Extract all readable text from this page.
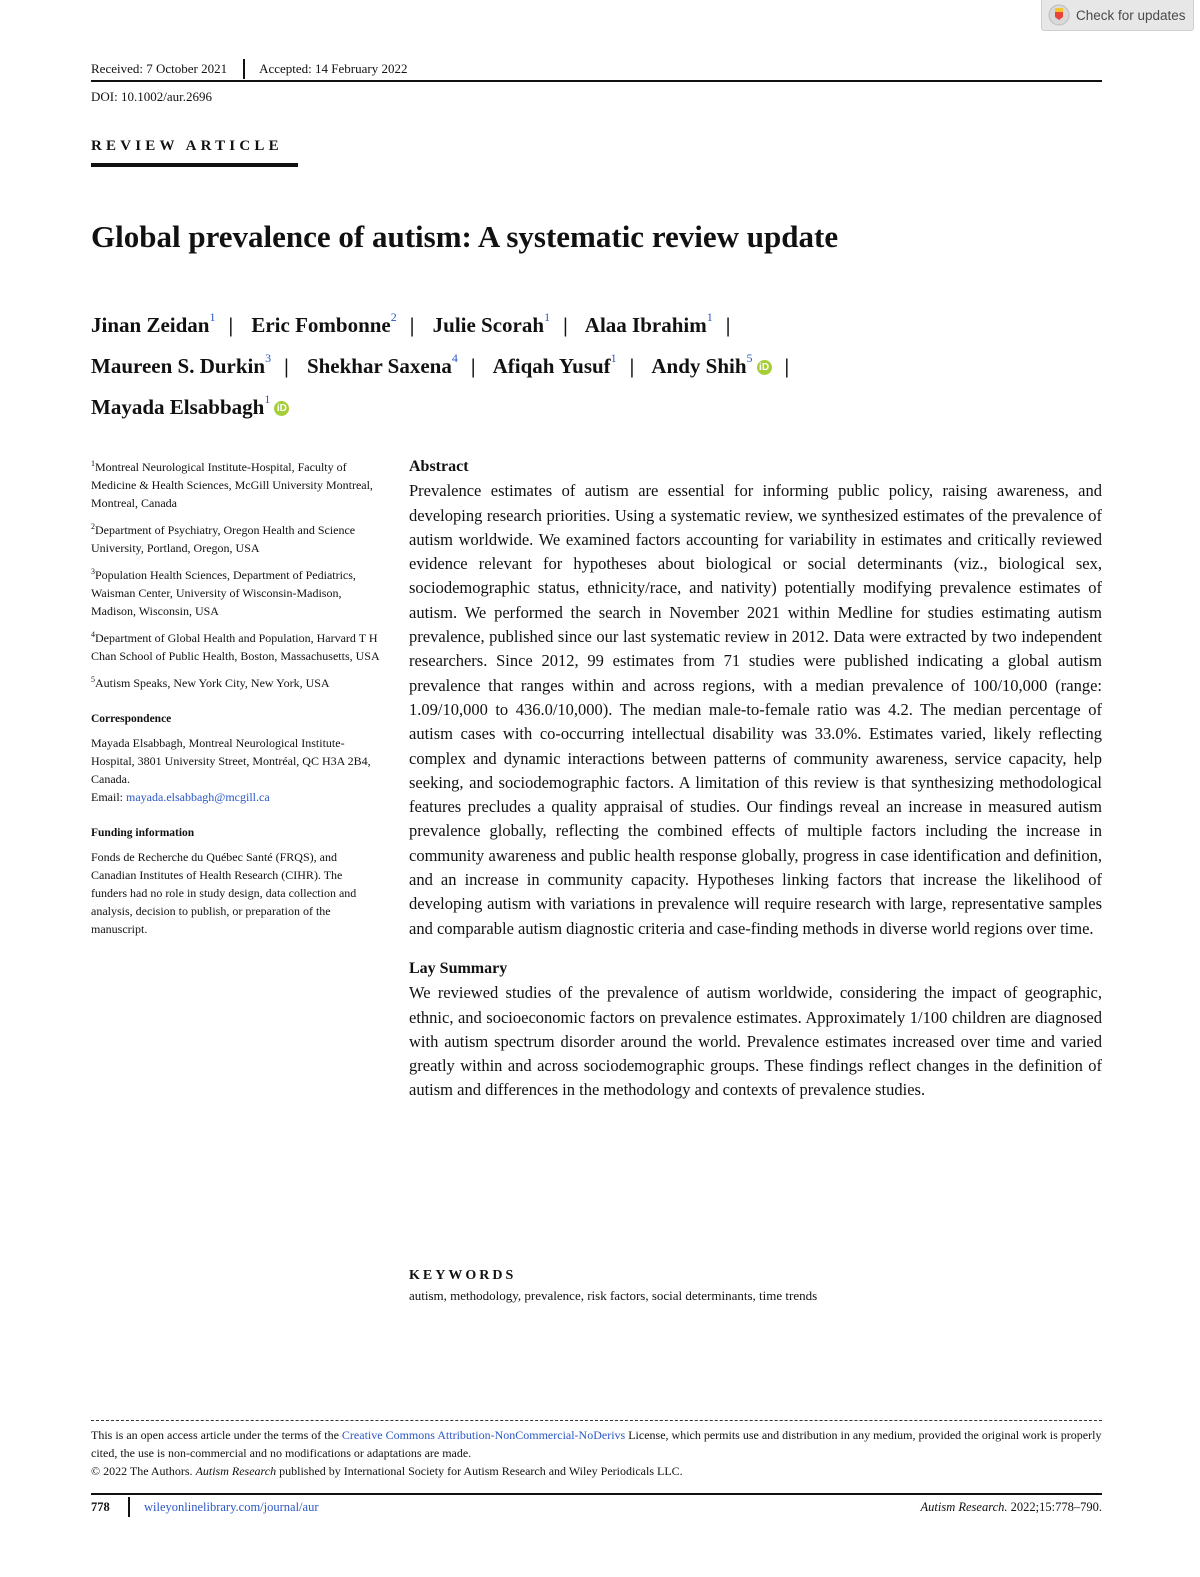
Check for updates
Received: 7 October 2021 Accepted: 14 February 2022
DOI: 10.1002/aur.2696
REVIEW ARTICLE
Global prevalence of autism: A systematic review update
Jinan Zeidan$^1$ | Eric Fombonne$^2$ | Julie Scorah$^1$ | Alaa Ibrahim$^1$ |
Maureen S. Durkin$^3$ | Shekhar Saxena$^4$ | Afiqah Yusuf$^1$ | Andy Shih$^5$iD |
Mayada Elsabbagh$^1$iD

$^1$Montreal Neurological Institute-Hospital, Faculty of Medicine & Health Sciences, McGill University Montreal, Montreal, Canada

$^2$Department of Psychiatry, Oregon Health and Science University, Portland, Oregon, USA

$^3$Population Health Sciences, Department of Pediatrics, Waisman Center, University of Wisconsin-Madison, Madison, Wisconsin, USA

$^4$Department of Global Health and Population, Harvard T H Chan School of Public Health, Boston, Massachusetts, USA

$^5$Autism Speaks, New York City, New York, USA

Correspondence

Mayada Elsabbagh, Montreal Neurological Institute-Hospital, 3801 University Street, Montréal, QC H3A 2B4, Canada.
Email: mayada.elsabbagh@mcgill.ca

Funding information

Fonds de Recherche du Québec Santé (FRQS), and Canadian Institutes of Health Research (CIHR). The funders had no role in study design, data collection and analysis, decision to publish, or preparation of the manuscript.

Abstract

Prevalence estimates of autism are essential for informing public policy, raising awareness, and developing research priorities. Using a systematic review, we synthesized estimates of the prevalence of autism worldwide. We examined factors accounting for variability in estimates and critically reviewed evidence relevant for hypotheses about biological or social determinants (viz., biological sex, sociodemographic status, ethnicity/race, and nativity) potentially modifying prevalence estimates of autism. We performed the search in November 2021 within Medline for studies estimating autism prevalence, published since our last systematic review in 2012. Data were extracted by two independent researchers. Since 2012, 99 estimates from 71 studies were published indicating a global autism prevalence that ranges within and across regions, with a median prevalence of 100/10,000 (range: 1.09/10,000 to 436.0/10,000). The median male-to-female ratio was 4.2. The median percentage of autism cases with co-occurring intellectual disability was 33.0%. Estimates varied, likely reflecting complex and dynamic interactions between patterns of community awareness, service capacity, help seeking, and sociodemographic factors. A limitation of this review is that synthesizing methodological features precludes a quality appraisal of studies. Our findings reveal an increase in measured autism prevalence globally, reflecting the combined effects of multiple factors including the increase in community awareness and public health response globally, progress in case identification and definition, and an increase in community capacity. Hypotheses linking factors that increase the likelihood of developing autism with variations in prevalence will require research with large, representative samples and comparable autism diagnostic criteria and case-finding methods in diverse world regions over time.

Lay Summary

We reviewed studies of the prevalence of autism worldwide, considering the impact of geographic, ethnic, and socioeconomic factors on prevalence estimates. Approximately 1/100 children are diagnosed with autism spectrum disorder around the world. Prevalence estimates increased over time and varied greatly within and across sociodemographic groups. These findings reflect changes in the definition of autism and differences in the methodology and contexts of prevalence studies.

KEYWORDS
autism, methodology, prevalence, risk factors, social determinants, time trends
This is an open access article under the terms of the Creative Commons Attribution-NonCommercial-NoDerivs License, which permits use and distribution in any medium, provided the original work is properly cited, the use is non-commercial and no modifications or adaptations are made.
© 2022 The Authors. Autism Research published by International Society for Autism Research and Wiley Periodicals LLC.
778	wileyonlinelibrary.com/journal/aur	Autism Research. 2022;15:778–790.
